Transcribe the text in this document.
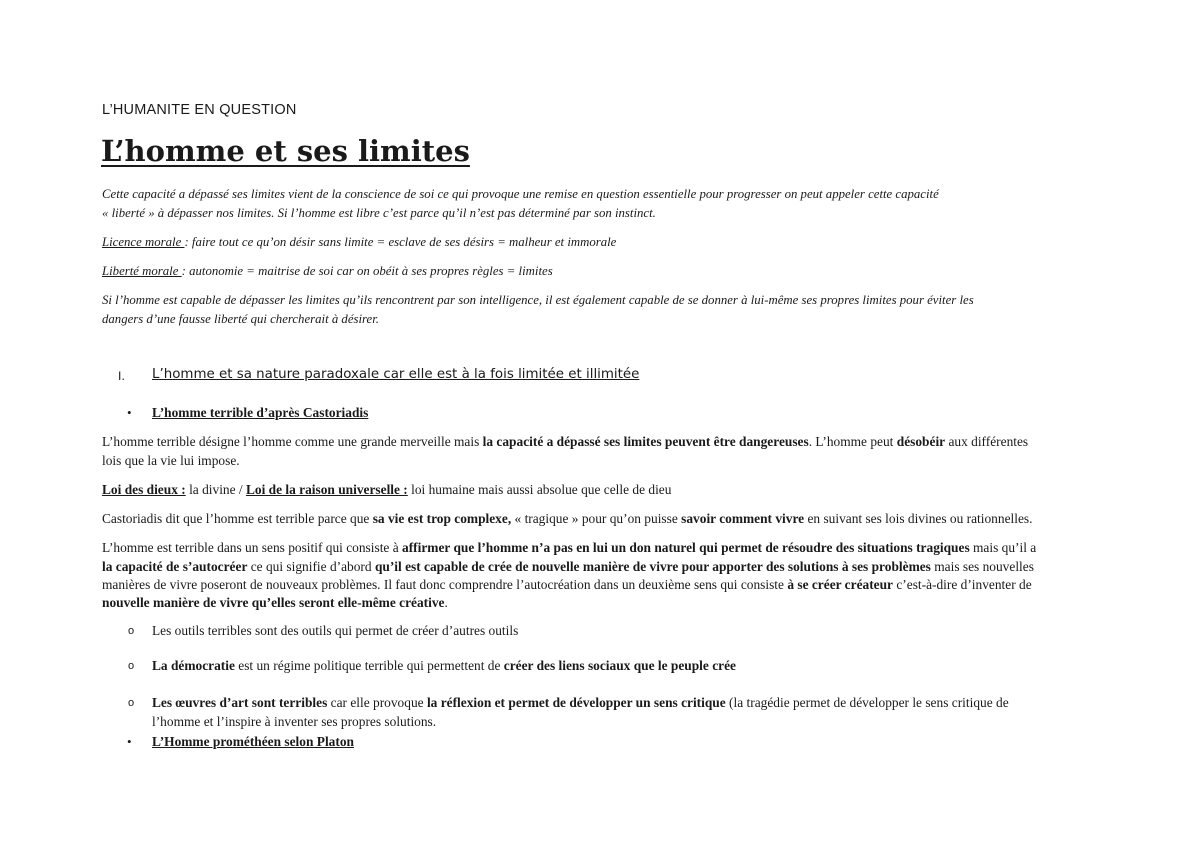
L’HUMANITE EN QUESTION
L’homme et ses limites
Cette capacité a dépassé ses limites vient de la conscience de soi ce qui provoque une remise en question essentielle pour progresser on peut appeler cette capacité
« liberté » à dépasser nos limites. Si l’homme est libre c’est parce qu’il n’est pas déterminé par son instinct.
Licence morale : faire tout ce qu’on désir sans limite = esclave de ses désirs = malheur et immorale
Liberté morale : autonomie = maitrise de soi car on obéit à ses propres règles = limites
Si l’homme est capable de dépasser les limites qu’ils rencontrent par son intelligence, il est également capable de se donner à lui-même ses propres limites pour éviter les
dangers d’une fausse liberté qui chercherait à désirer.
I. L’homme et sa nature paradoxale car elle est à la fois limitée et illimitée
• L’homme terrible d’après Castoriadis
L’homme terrible désigne l’homme comme une grande merveille mais la capacité a dépassé ses limites peuvent être dangereuses. L’homme peut désobéir aux différentes
lois que la vie lui impose.
Loi des dieux : la divine / Loi de la raison universelle : loi humaine mais aussi absolue que celle de dieu
Castoriadis dit que l’homme est terrible parce que sa vie est trop complexe, « tragique » pour qu’on puisse savoir comment vivre en suivant ses lois divines ou rationnelles.
L’homme est terrible dans un sens positif qui consiste à affirmer que l’homme n’a pas en lui un don naturel qui permet de résoudre des situations tragiques mais qu’il a
la capacité de s’autocréer ce qui signifie d’abord qu’il est capable de crée de nouvelle manière de vivre pour apporter des solutions à ses problèmes mais ses nouvelles
manières de vivre poseront de nouveaux problèmes. Il faut donc comprendre l’autocréation dans un deuxième sens qui consiste à se créer créateur c’est-à-dire d’inventer de
nouvelle manière de vivre qu’elles seront elle-même créative.
o Les outils terribles sont des outils qui permet de créer d’autres outils
o La démocratie est un régime politique terrible qui permettent de créer des liens sociaux que le peuple crée
o Les œuvres d’art sont terribles car elle provoque la réflexion et permet de développer un sens critique (la tragédie permet de développer le sens critique de
l’homme et l’inspire à inventer ses propres solutions.
• L’Homme prométhéen selon Platon
